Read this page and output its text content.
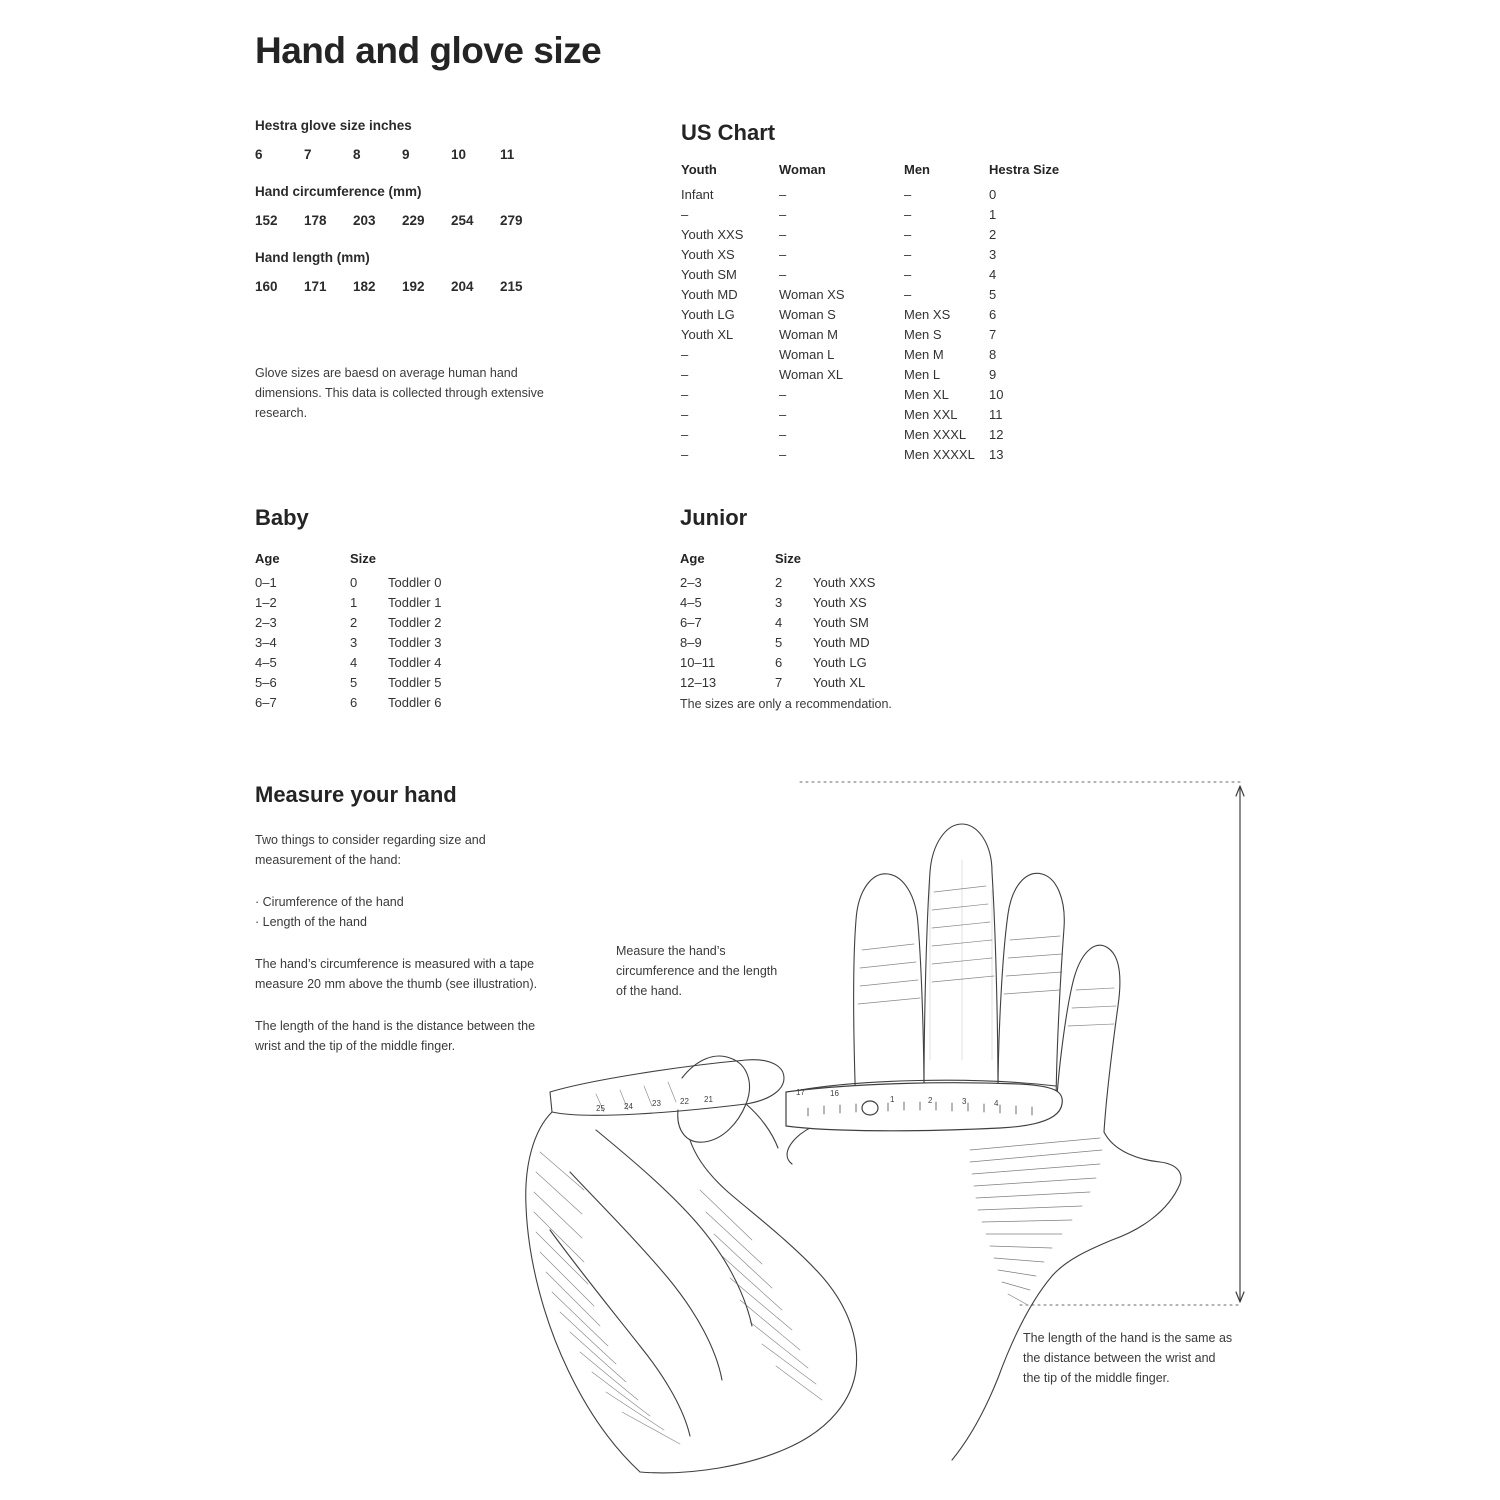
Hand and glove size
Hestra glove size inches
6	7	8	9	10	11
Hand circumference (mm)
152	178	203	229	254	279
Hand length (mm)
160	171	182	192	204	215
Glove sizes are baesd on average human hand dimensions. This data is collected through extensive research.
US Chart
Youth	Woman	Men	Hestra Size
Infant	–	–	0
–	–	–	1
Youth XXS	–	–	2
Youth XS	–	–	3
Youth SM	–	–	4
Youth MD	Woman XS	–	5
Youth LG	Woman S	Men XS	6
Youth XL	Woman M	Men S	7
–	Woman L	Men M	8
–	Woman XL	Men L	9
–	–	Men XL	10
–	–	Men XXL	11
–	–	Men XXXL	12
–	–	Men XXXXL	13
Baby
Age	Size	
0–1	0	Toddler 0
1–2	1	Toddler 1
2–3	2	Toddler 2
3–4	3	Toddler 3
4–5	4	Toddler 4
5–6	5	Toddler 5
6–7	6	Toddler 6
Junior
Age	Size	
2–3	2	Youth XXS
4–5	3	Youth XS
6–7	4	Youth SM
8–9	5	Youth MD
10–11	6	Youth LG
12–13	7	Youth XL
The sizes are only a recommendation.
Measure your hand

Two things to consider regarding size and measurement of the hand:

· Cirumference of the hand
· Length of the hand

The hand’s circumference is measured with a tape measure 20 mm above the thumb (see illustration).

The length of the hand is the distance between the wrist and the tip of the middle finger.

Measure the hand’s circumference and the length of the hand.
The length of the hand is the same as the distance between the wrist and the tip of the middle finger.
25 24 23 22 21
17	16
1	2	3	4
